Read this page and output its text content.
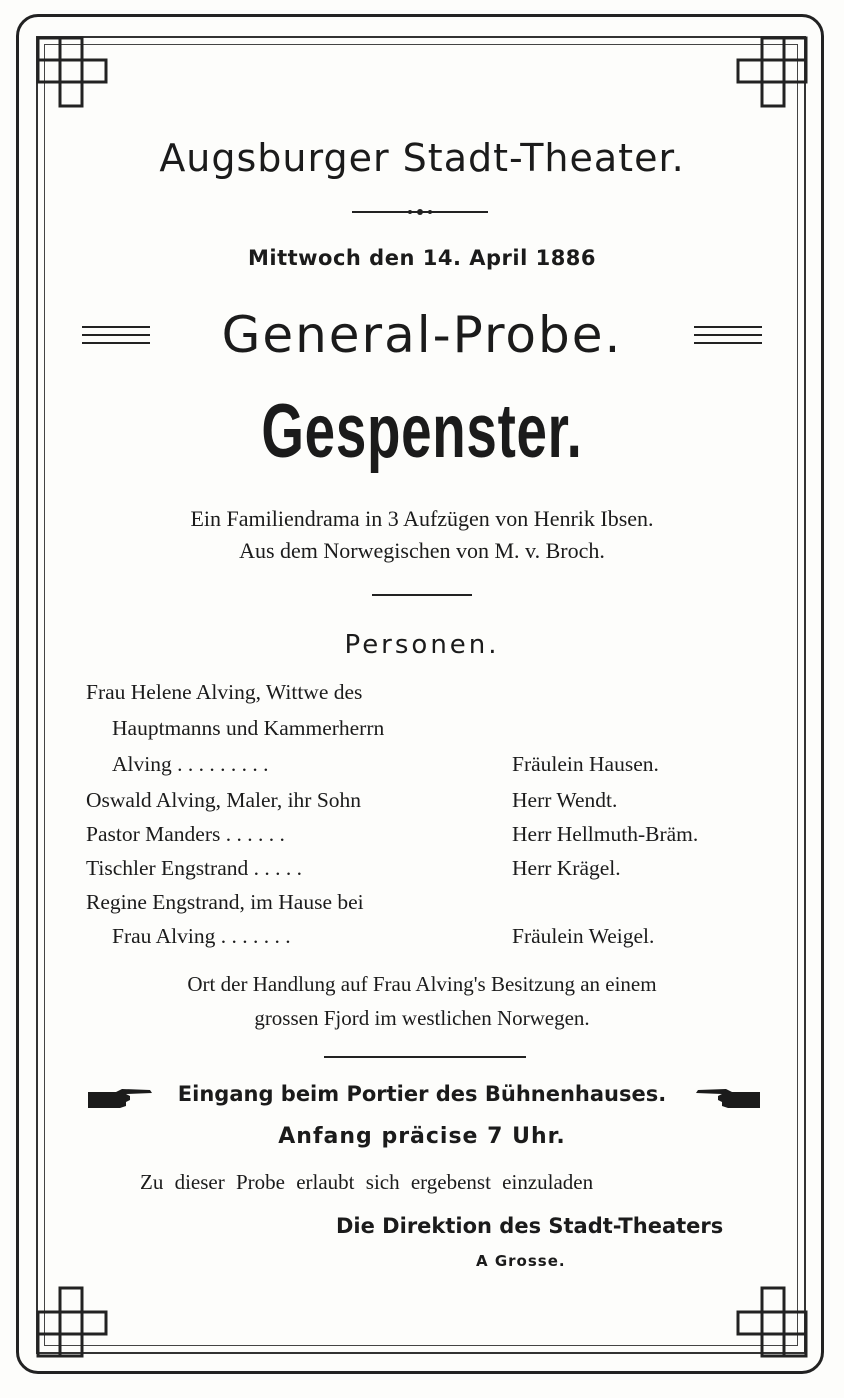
Augsburger Stadt-Theater.
Mittwoch den 14. April 1886
General-Probe.
Gespenster.
Ein Familiendrama in 3 Aufzügen von Henrik Ibsen.
Aus dem Norwegischen von M. v. Broch.
Personen.
Frau Helene Alving, Wittwe des
Hauptmanns und Kammerherrn
Alving . . . . . . . . .	Fräulein Hausen.
Oswald Alving, Maler, ihr Sohn	Herr Wendt.
Pastor Manders . . . . . .	Herr Hellmuth-Bräm.
Tischler Engstrand . . . . .	Herr Krägel.
Regine Engstrand, im Hause bei
Frau Alving . . . . . . .	Fräulein Weigel.
Ort der Handlung auf Frau Alving's Besitzung an einem
grossen Fjord im westlichen Norwegen.
Eingang beim Portier des Bühnenhauses.
Anfang präcise 7 Uhr.
Zu dieser Probe erlaubt sich ergebenst einzuladen
Die Direktion des Stadt-Theaters
A Grosse.
